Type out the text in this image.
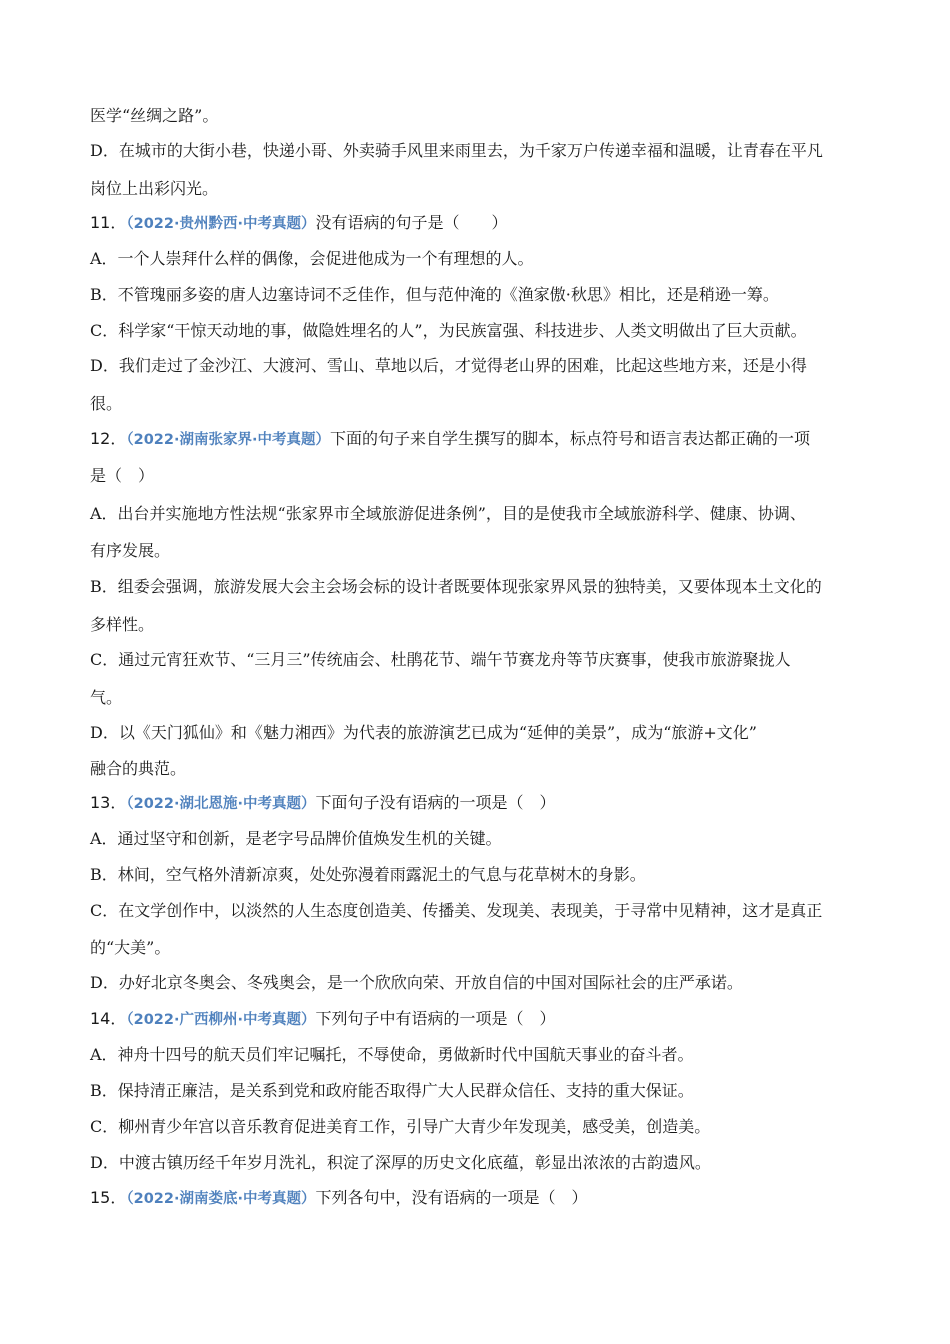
医学“丝绸之路”。
D．在城市的大街小巷，快递小哥、外卖骑手风里来雨里去，为千家万户传递幸福和温暖，让青春在平凡
岗位上出彩闪光。
11．（2022·贵州黔西·中考真题）没有语病的句子是（　　）
A．一个人崇拜什么样的偶像，会促进他成为一个有理想的人。
B．不管瑰丽多姿的唐人边塞诗词不乏佳作，但与范仲淹的《渔家傲·秋思》相比，还是稍逊一筹。
C．科学家“干惊天动地的事，做隐姓埋名的人”，为民族富强、科技进步、人类文明做出了巨大贡献。
D．我们走过了金沙江、大渡河、雪山、草地以后，才觉得老山界的困难，比起这些地方来，还是小得
很。
12．（2022·湖南张家界·中考真题）下面的句子来自学生撰写的脚本，标点符号和语言表达都正确的一项
是（　）
A．出台并实施地方性法规“张家界市全域旅游促进条例”，目的是使我市全域旅游科学、健康、协调、
有序发展。
B．组委会强调，旅游发展大会主会场会标的设计者既要体现张家界风景的独特美，又要体现本土文化的
多样性。
C．通过元宵狂欢节、“三月三”传统庙会、杜鹃花节、端午节赛龙舟等节庆赛事，使我市旅游聚拢人
气。
D．以《天门狐仙》和《魅力湘西》为代表的旅游演艺已成为“延伸的美景”，成为“旅游+文化”
融合的典范。
13．（2022·湖北恩施·中考真题）下面句子没有语病的一项是（　）
A．通过坚守和创新，是老字号品牌价值焕发生机的关键。
B．林间，空气格外清新凉爽，处处弥漫着雨露泥土的气息与花草树木的身影。
C．在文学创作中，以淡然的人生态度创造美、传播美、发现美、表现美，于寻常中见精神，这才是真正
的“大美”。
D．办好北京冬奥会、冬残奥会，是一个欣欣向荣、开放自信的中国对国际社会的庄严承诺。
14．（2022·广西柳州·中考真题）下列句子中有语病的一项是（　）
A．神舟十四号的航天员们牢记嘱托，不辱使命，勇做新时代中国航天事业的奋斗者。
B．保持清正廉洁，是关系到党和政府能否取得广大人民群众信任、支持的重大保证。
C．柳州青少年宫以音乐教育促进美育工作，引导广大青少年发现美，感受美，创造美。
D．中渡古镇历经千年岁月洗礼，积淀了深厚的历史文化底蕴，彰显出浓浓的古韵遗风。
15．（2022·湖南娄底·中考真题）下列各句中，没有语病的一项是（　）
